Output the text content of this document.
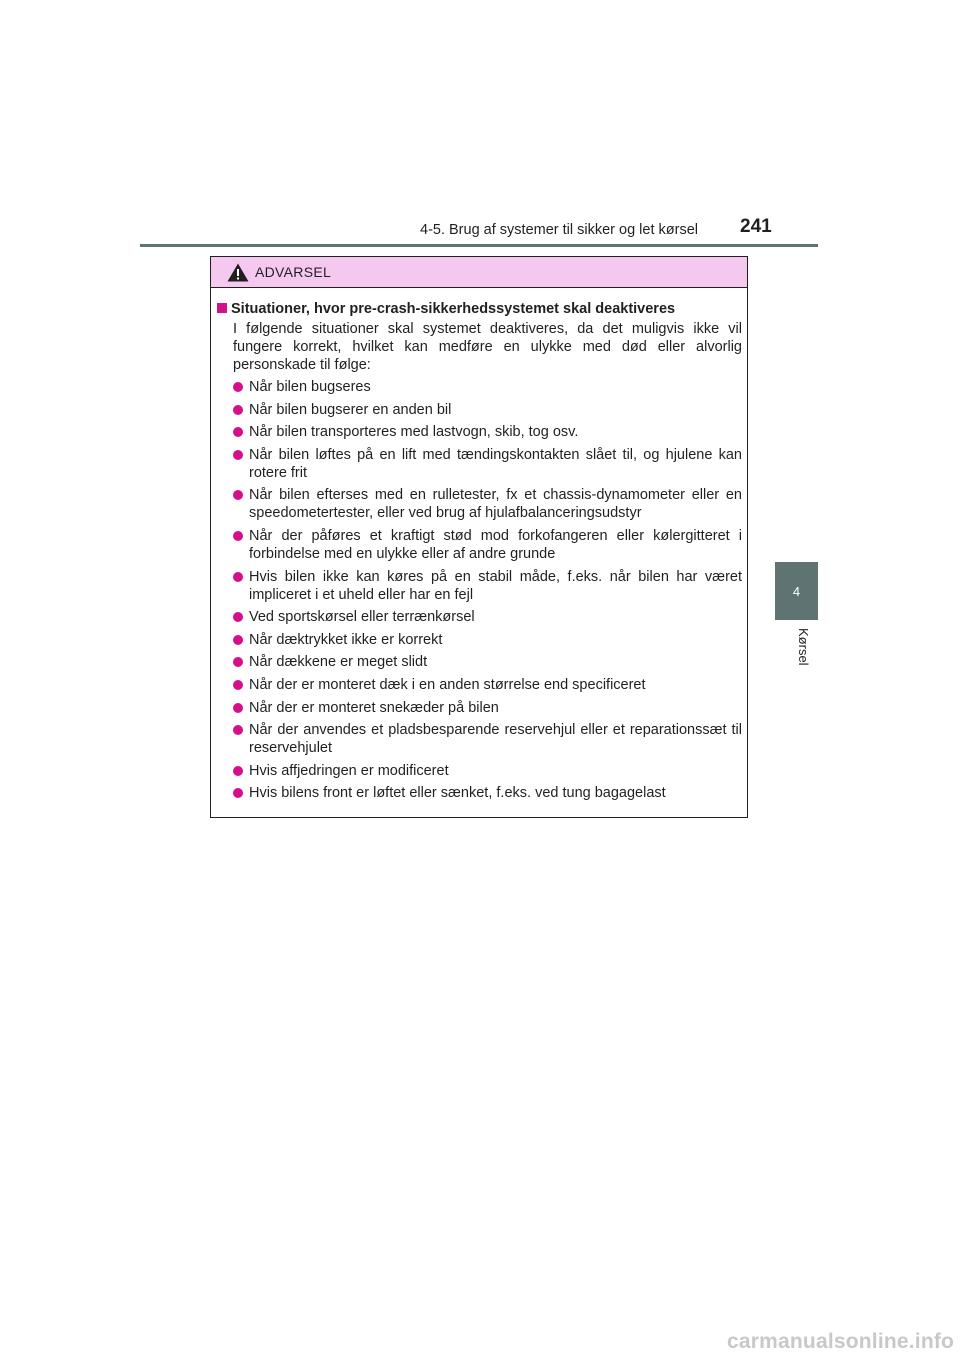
4-5. Brug af systemer til sikker og let kørsel 241
4
Kørsel
ADVARSEL
Situationer, hvor pre-crash-sikkerhedssystemet skal deaktiveres
I følgende situationer skal systemet deaktiveres, da det muligvis ikke vil fungere korrekt, hvilket kan medføre en ulykke med død eller alvorlig personskade til følge:
Når bilen bugseres
Når bilen bugserer en anden bil
Når bilen transporteres med lastvogn, skib, tog osv.
Når bilen løftes på en lift med tændingskontakten slået til, og hjulene kan rotere frit
Når bilen efterses med en rulletester, fx et chassis-dynamometer eller en speedometertester, eller ved brug af hjulafbalanceringsudstyr
Når der påføres et kraftigt stød mod forkofangeren eller kølergitteret i forbindelse med en ulykke eller af andre grunde
Hvis bilen ikke kan køres på en stabil måde, f.eks. når bilen har været impliceret i et uheld eller har en fejl
Ved sportskørsel eller terrænkørsel
Når dæktrykket ikke er korrekt
Når dækkene er meget slidt
Når der er monteret dæk i en anden størrelse end specificeret
Når der er monteret snekæder på bilen
Når der anvendes et pladsbesparende reservehjul eller et reparationssæt til reservehjulet
Hvis affjedringen er modificeret
Hvis bilens front er løftet eller sænket, f.eks. ved tung bagagelast
carmanualsonline.info
